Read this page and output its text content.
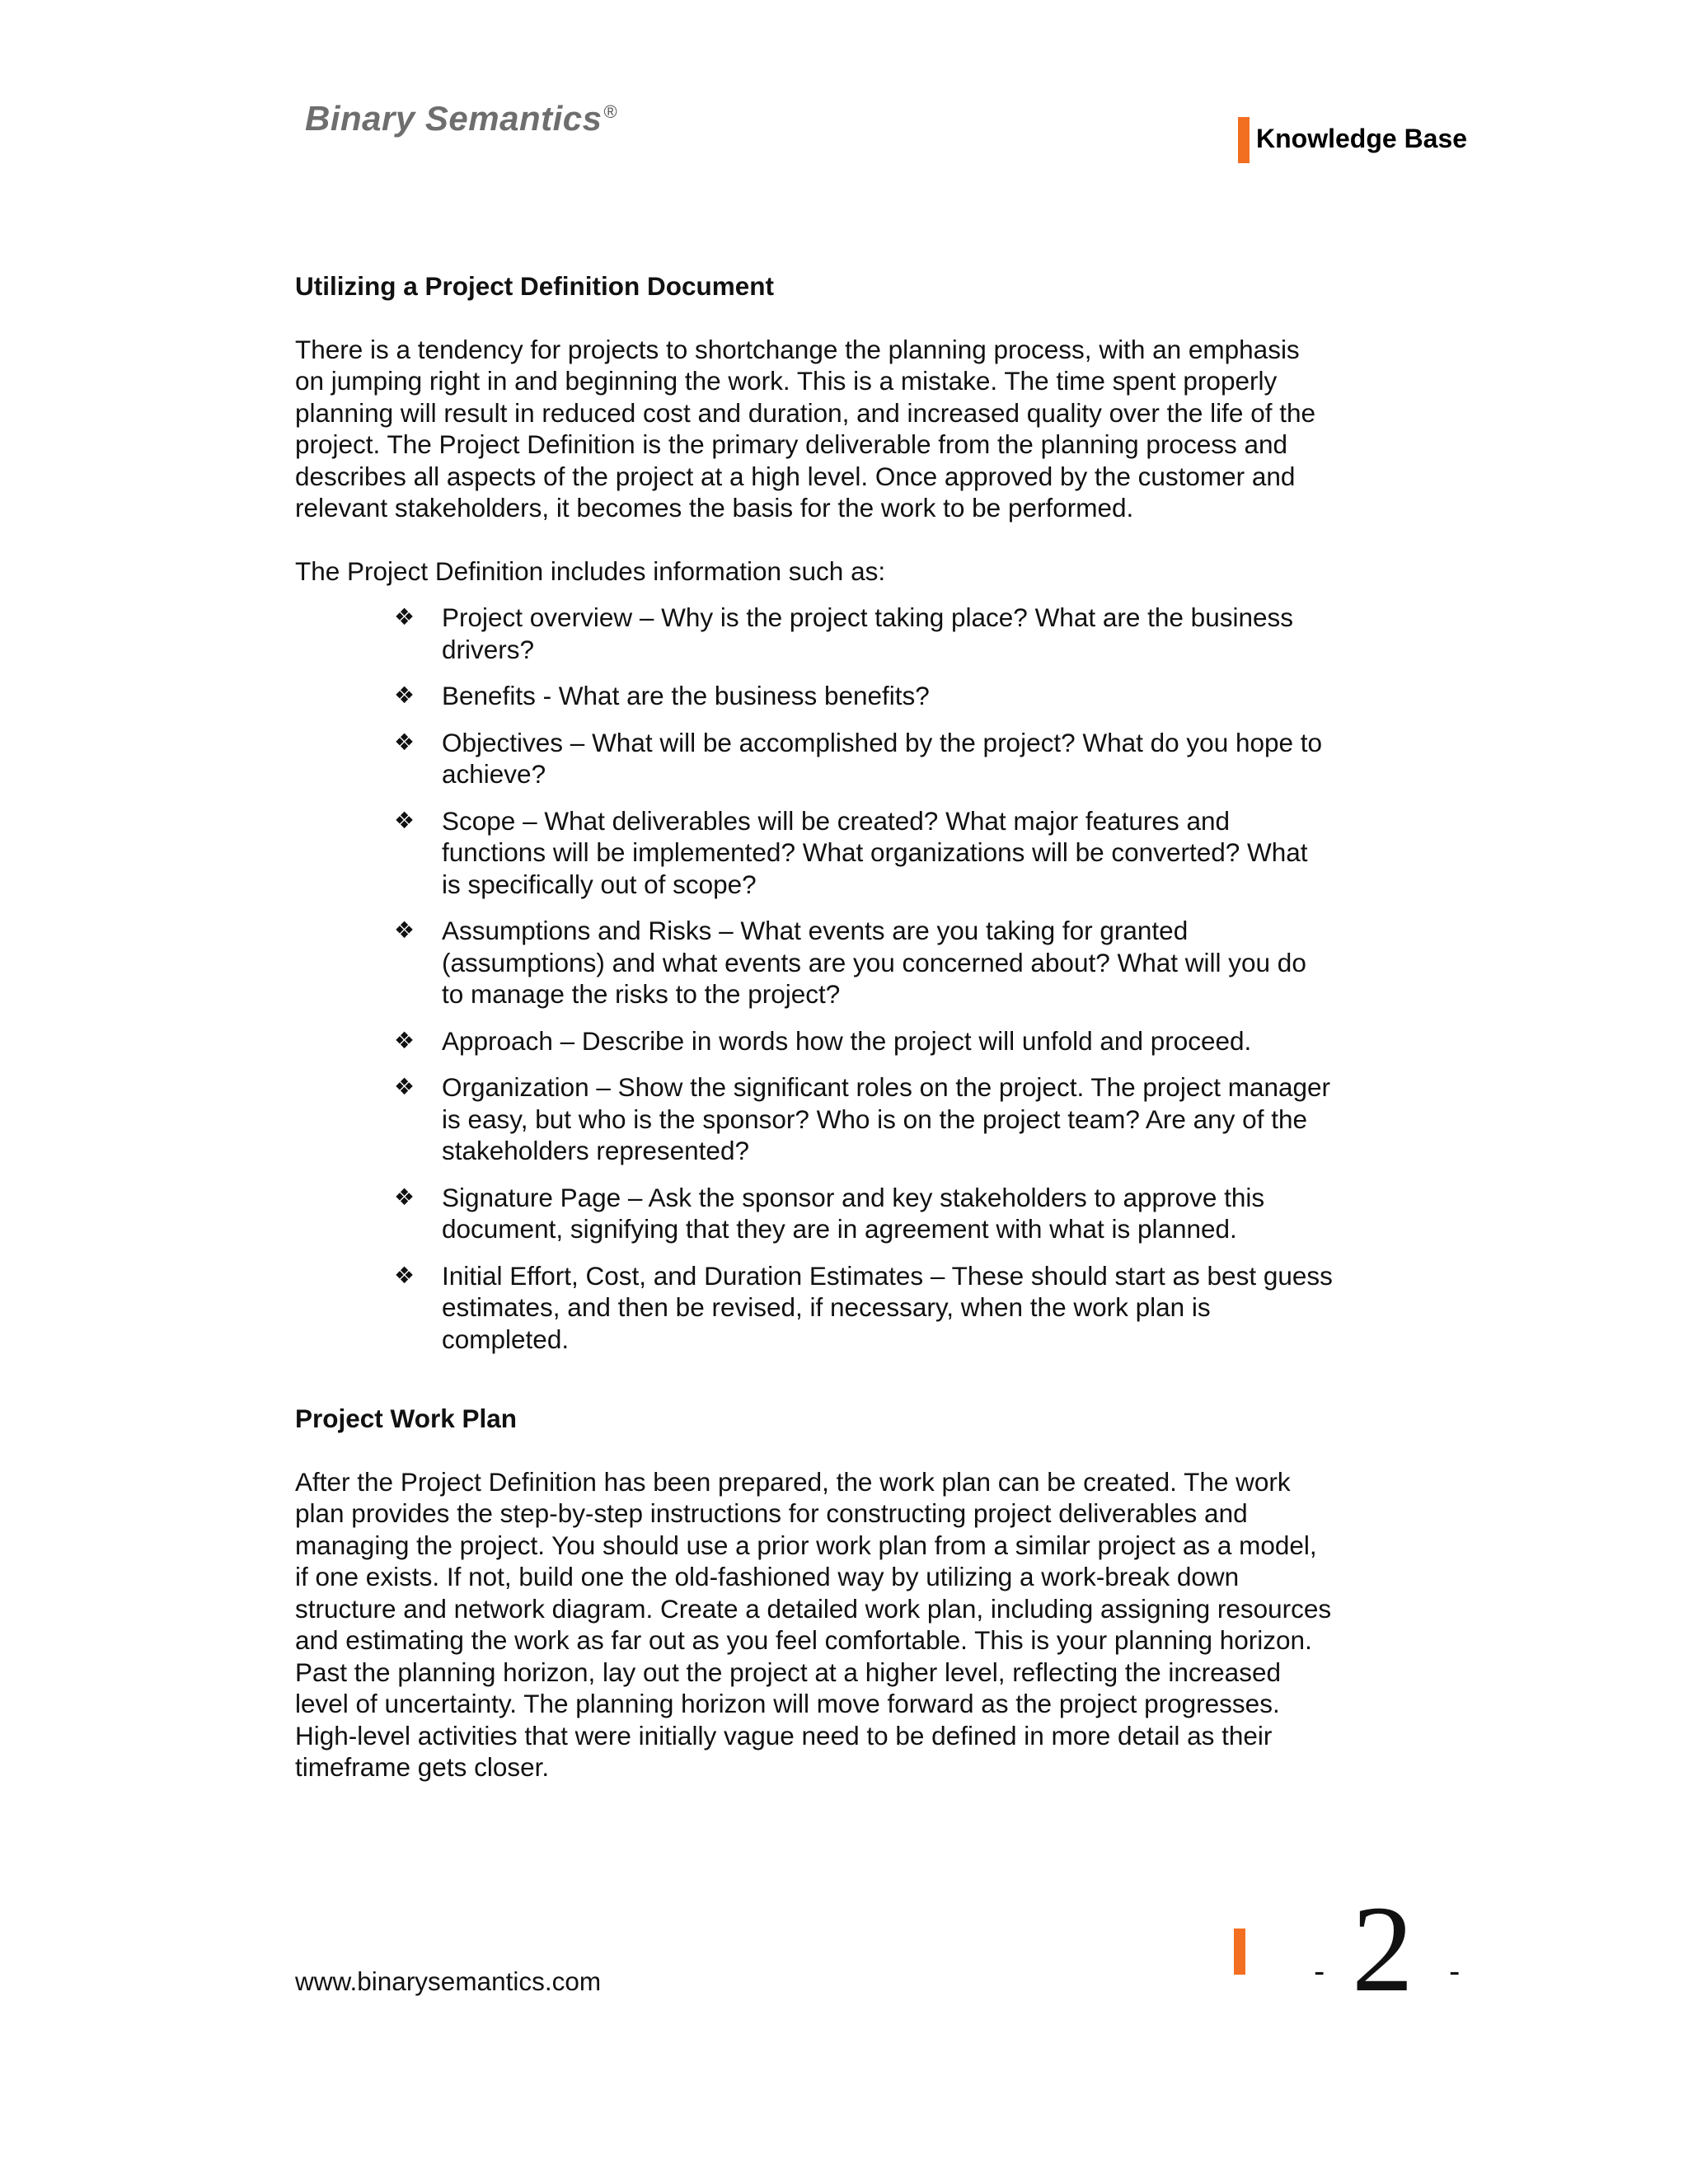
Binary Semantics®
Knowledge Base
Utilizing a Project Definition Document

There is a tendency for projects to shortchange the planning process, with an emphasis on jumping right in and beginning the work. This is a mistake. The time spent properly planning will result in reduced cost and duration, and increased quality over the life of the project. The Project Definition is the primary deliverable from the planning process and describes all aspects of the project at a high level. Once approved by the customer and relevant stakeholders, it becomes the basis for the work to be performed.

The Project Definition includes information such as:

❖ Project overview – Why is the project taking place? What are the business drivers?
❖ Benefits - What are the business benefits?
❖ Objectives – What will be accomplished by the project? What do you hope to achieve?
❖ Scope – What deliverables will be created? What major features and functions will be implemented? What organizations will be converted? What is specifically out of scope?
❖ Assumptions and Risks – What events are you taking for granted (assumptions) and what events are you concerned about? What will you do to manage the risks to the project?
❖ Approach – Describe in words how the project will unfold and proceed.
❖ Organization – Show the significant roles on the project. The project manager is easy, but who is the sponsor? Who is on the project team? Are any of the stakeholders represented?
❖ Signature Page – Ask the sponsor and key stakeholders to approve this document, signifying that they are in agreement with what is planned.
❖ Initial Effort, Cost, and Duration Estimates – These should start as best guess estimates, and then be revised, if necessary, when the work plan is completed.
Project Work Plan

After the Project Definition has been prepared, the work plan can be created. The work plan provides the step-by-step instructions for constructing project deliverables and managing the project. You should use a prior work plan from a similar project as a model, if one exists. If not, build one the old-fashioned way by utilizing a work-break down structure and network diagram. Create a detailed work plan, including assigning resources and estimating the work as far out as you feel comfortable. This is your planning horizon. Past the planning horizon, lay out the project at a higher level, reflecting the increased level of uncertainty. The planning horizon will move forward as the project progresses. High-level activities that were initially vague need to be defined in more detail as their timeframe gets closer.

www.binarysemantics.com	- 2 -
